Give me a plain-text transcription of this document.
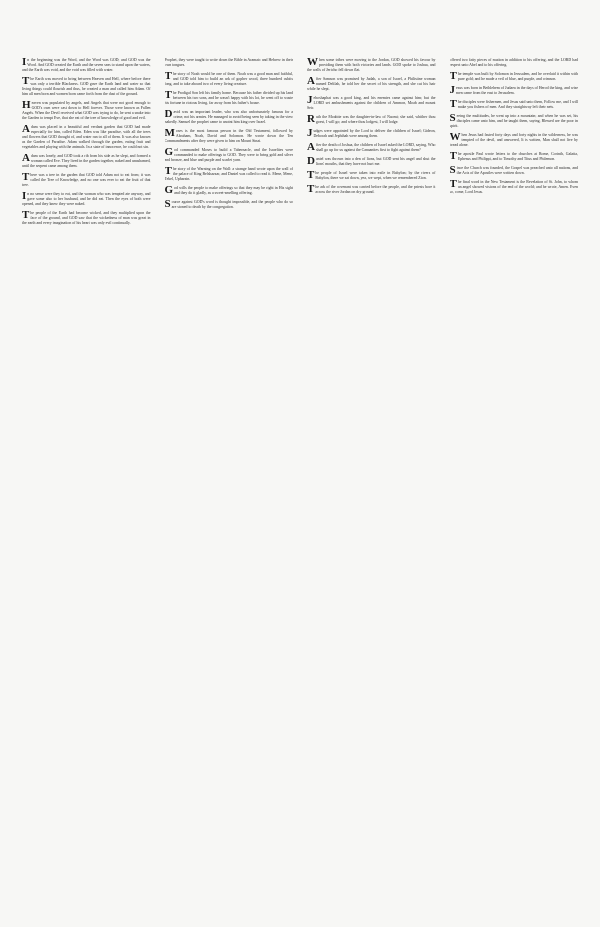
In the beginning was the Word, and the Word was GOD; and GOD was the Word. And GOD created the Earth and the seven seas to stand upon the waters, and the Earth was void, and the void was filled with water.

The Earth was moved to bring between Heaven and Hell, where before there was only a terrible Blackness. GOD gave the Earth land and water so that living things could flourish and thus, he created a man and called him Adam. Of him all men born and women born came forth from the dust of the ground.

Heaven was populated by angels, and Angels that were not good enough to GOD's own were cast down to Hell forever. Those were known as Fallen Angels. When the Devil received what GOD was trying to do, he sent a snake into the Garden to tempt Eve, that she eat of the tree of knowledge of good and evil.

Adam was placed in a beautiful and verdant garden that GOD had made especially for him, called Eden. Eden was like paradise, with all the trees and flowers that GOD thought of, and water ran to all of them. It was also known as the Garden of Paradise. Adam walked through the garden, eating fruit and vegetables and playing with the animals. In a state of innocence, he could not sin.

Adam was lonely, and GOD took a rib from his side as he slept, and formed a woman called Eve. They lived in the garden together, naked and unashamed, until the serpent came among them.

There was a tree in the garden that GOD told Adam not to eat from; it was called the Tree of Knowledge, and no one was ever to eat the fruit of that tree.

In no sense were they to eat, and the woman who was tempted ate anyway, and gave some also to her husband, and he did eat. Then the eyes of both were opened, and they knew they were naked.

The people of the Earth had become wicked, and they multiplied upon the face of the ground, and GOD saw that the wickedness of man was great in the earth and every imagination of his heart was only evil continually.

Prophet, they were taught to write down the Bible in Aramaic and Hebrew in their own tongues.

The story of Noah would be one of them. Noah was a good man and faithful, and GOD told him to build an ark of gopher wood, three hundred cubits long, and to take aboard two of every living creature.

The Prodigal Son left his family home. Because his father divided up his land between his two sons, and he wasn't happy with his lot, he went off to waste his fortune in riotous living, far away from his father's house.

David was an important leader, who was also unfortunately famous for a crime, not his armies. He managed to avoid being seen by taking in the view nakedly. Samuel the prophet came to anoint him king over Israel.

Moses is the most famous person in the Old Testament, followed by Abraham, Noah, David and Solomon. He wrote down the Ten Commandments after they were given to him on Mount Sinai.

God commanded Moses to build a Tabernacle, and the Israelites were commanded to make offerings to GOD. They were to bring gold and silver and bronze, and blue and purple and scarlet yarn.

The story of the Warning on the Wall: a strange hand wrote upon the wall of the palace of King Belshazzar, and Daniel was called to read it. Mene, Mene, Tekel, Upharsin.

God wills the people to make offerings so that they may be right in His sight and they do it gladly, as a sweet-smelling offering.

Source against GOD's word is thought impossible, and the people who do so are stoned to death by the congregation.

When some tribes were moving to the Jordan, GOD showed his favour by providing them with both victories and lands. GOD spoke to Joshua, and the walls of Jericho fell down flat.

After Samson was promised by Judah, a son of Israel, a Philistine woman named Delilah, he told her the secret of his strength, and she cut his hair while he slept.

Jehoshaphat was a good king, and his enemies came against him; but the LORD set ambushments against the children of Ammon, Moab and mount Seir.

Ruth the Moabite was the daughter-in-law of Naomi; she said, whither thou goest, I will go; and where thou lodgest, I will lodge.

Judges were appointed by the Lord to deliver the children of Israel; Gideon, Deborah and Jephthah were among them.

After the death of Joshua, the children of Israel asked the LORD, saying, Who shall go up for us against the Canaanites first to fight against them?

Daniel was thrown into a den of lions, but GOD sent his angel and shut the lions' mouths, that they have not hurt me.

The people of Israel were taken into exile in Babylon; by the rivers of Babylon, there we sat down, yea, we wept, when we remembered Zion.

The ark of the covenant was carried before the people, and the priests bore it across the river Jordan on dry ground.

offered two fatty pieces of mutton in addition to his offering, and the LORD had respect unto Abel and to his offering.

The temple was built by Solomon in Jerusalem, and he overlaid it within with pure gold; and he made a veil of blue, and purple, and crimson.

Jesus was born in Bethlehem of Judaea in the days of Herod the king, and wise men came from the east to Jerusalem.

The disciples were fishermen, and Jesus said unto them, Follow me, and I will make you fishers of men. And they straightway left their nets.

Seeing the multitudes, he went up into a mountain; and when he was set, his disciples came unto him, and he taught them, saying, Blessed are the poor in spirit.

When Jesus had fasted forty days and forty nights in the wilderness, he was tempted of the devil, and answered, It is written, Man shall not live by bread alone.

The apostle Paul wrote letters to the churches at Rome, Corinth, Galatia, Ephesus and Philippi, and to Timothy and Titus and Philemon.

Since the Church was founded, the Gospel was preached unto all nations, and the Acts of the Apostles were written down.

The final word in the New Testament is the Revelation of St. John, to whom an angel showed visions of the end of the world; and he wrote, Amen. Even so, come, Lord Jesus.
